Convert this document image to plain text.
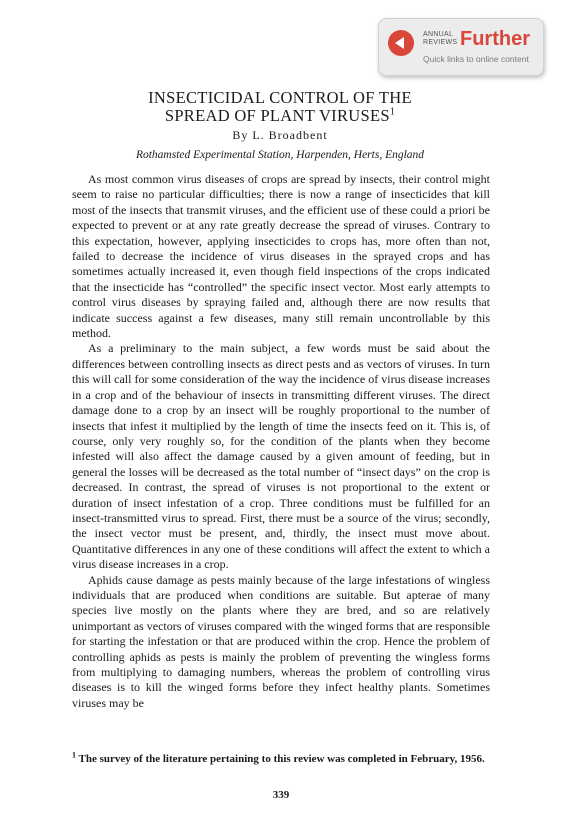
ANNUAL
REVIEWS Further
Quick links to online content
INSECTICIDAL CONTROL OF THE
SPREAD OF PLANT VIRUSES$^1$
By L. Broadbent
Rothamsted Experimental Station, Harpenden, Herts, England

As most common virus diseases of crops are spread by insects, their control might seem to raise no particular difficulties; there is now a range of insecticides that kill most of the insects that transmit viruses, and the efficient use of these could a priori be expected to prevent or at any rate greatly decrease the spread of viruses. Contrary to this expectation, however, applying insecticides to crops has, more often than not, failed to decrease the incidence of virus diseases in the sprayed crops and has sometimes actually increased it, even though field inspections of the crops indicated that the insecticide has “controlled” the specific insect vector. Most early attempts to control virus diseases by spraying failed and, although there are now results that indicate success against a few diseases, many still remain uncontrollable by this method.

As a preliminary to the main subject, a few words must be said about the differences between controlling insects as direct pests and as vectors of viruses. In turn this will call for some consideration of the way the incidence of virus disease increases in a crop and of the behaviour of insects in transmitting different viruses. The direct damage done to a crop by an insect will be roughly proportional to the number of insects that infest it multiplied by the length of time the insects feed on it. This is, of course, only very roughly so, for the condition of the plants when they become infested will also affect the damage caused by a given amount of feeding, but in general the losses will be decreased as the total number of “insect days” on the crop is decreased. In contrast, the spread of viruses is not proportional to the extent or duration of insect infestation of a crop. Three conditions must be fulfilled for an insect-transmitted virus to spread. First, there must be a source of the virus; secondly, the insect vector must be present, and, thirdly, the insect must move about. Quantitative differences in any one of these conditions will affect the extent to which a virus disease increases in a crop.

Aphids cause damage as pests mainly because of the large infestations of wingless individuals that are produced when conditions are suitable. But apterae of many species live mostly on the plants where they are bred, and so are relatively unimportant as vectors of viruses compared with the winged forms that are responsible for starting the infestation or that are produced within the crop. Hence the problem of controlling aphids as pests is mainly the problem of preventing the wingless forms from multiplying to damaging numbers, whereas the problem of controlling virus diseases is to kill the winged forms before they infect healthy plants. Sometimes viruses may be

$^1$ The survey of the literature pertaining to this review was completed in February, 1956.
339
